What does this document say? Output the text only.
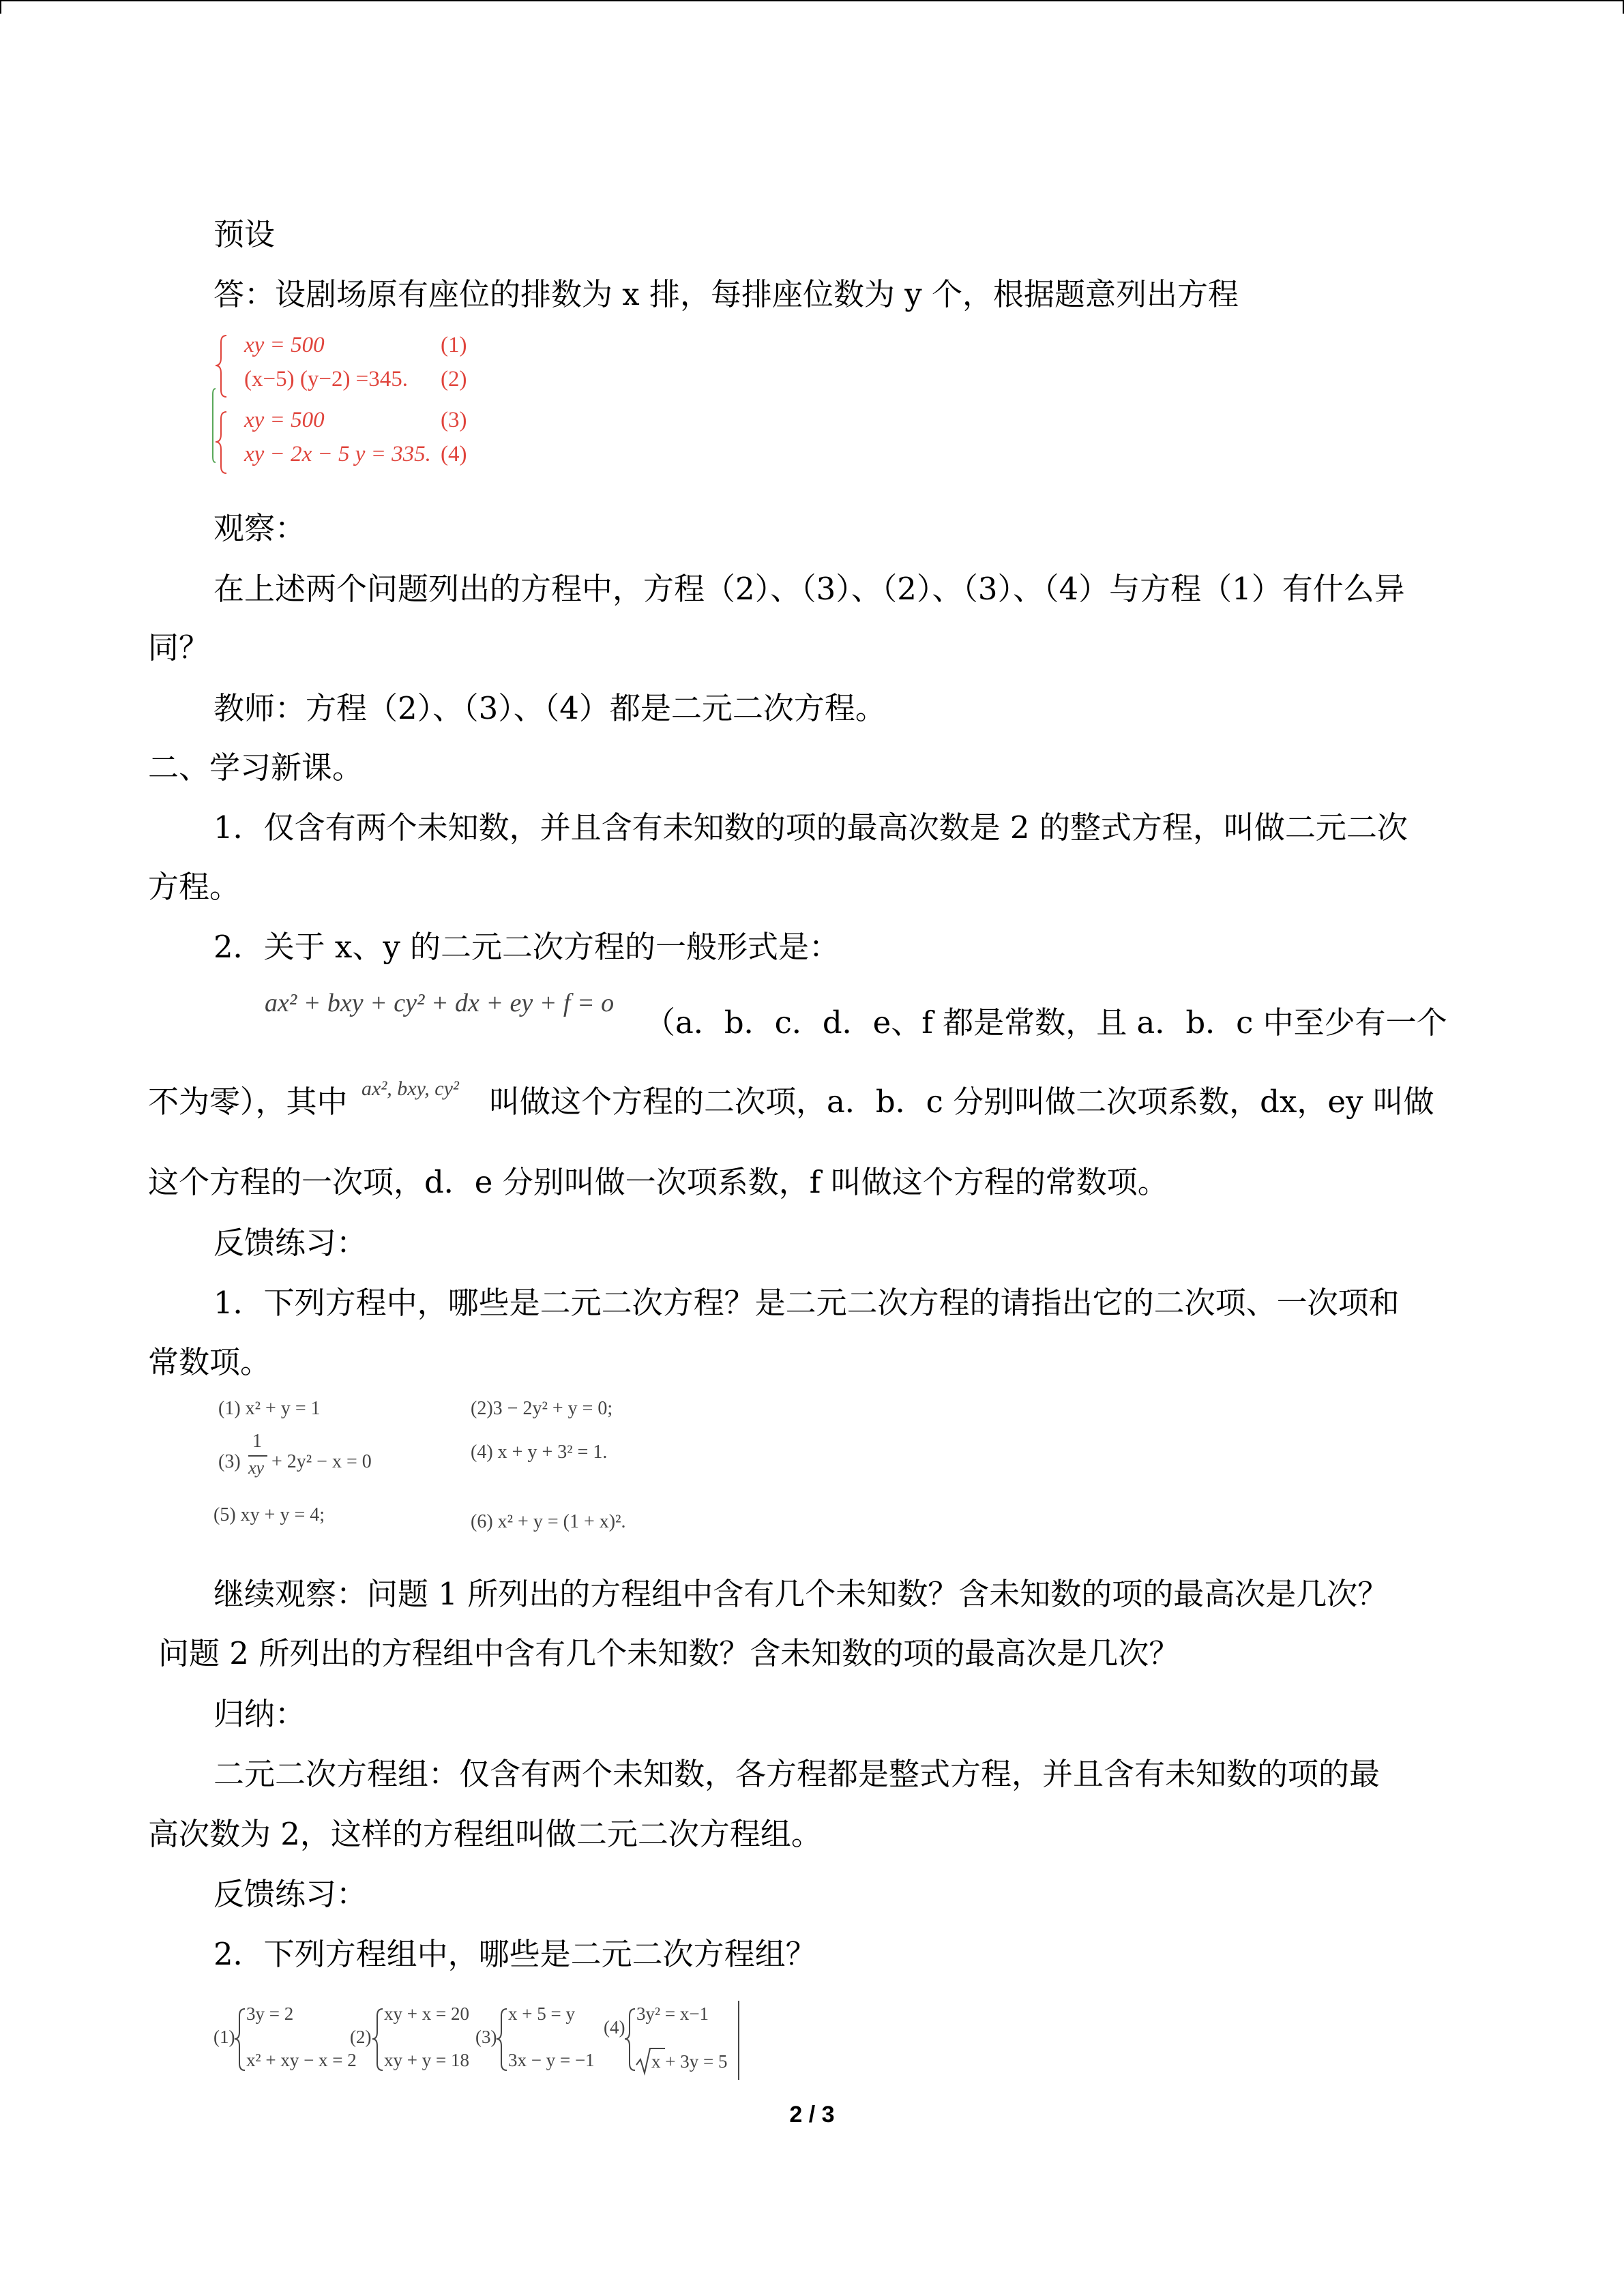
预设
答：设剧场原有座位的排数为 x 排，每排座位数为 y 个，根据题意列出方程
xy = 500	(1)
(x−5) (y−2) =345. (2)
xy = 500	(3)
xy − 2x − 5 y = 335. (4)
观察：
在上述两个问题列出的方程中，方程（2）、（3）、（2）、（3）、（4）与方程（1）有什么异
同？
教师：方程（2）、（3）、（4）都是二元二次方程。
二、学习新课。
1．仅含有两个未知数，并且含有未知数的项的最高次数是 2 的整式方程，叫做二元二次
方程。
2．关于 x、y 的二元二次方程的一般形式是：
ax² + bxy + cy² + dx + ey + f = o
（a．b．c．d．e、f 都是常数，且 a．b．c 中至少有一个
不为零），其中 ax², bxy, cy² 叫做这个方程的二次项，a．b．c 分别叫做二次项系数，dx，ey 叫做
这个方程的一次项，d．e 分别叫做一次项系数，f 叫做这个方程的常数项。
反馈练习：
1．下列方程中，哪些是二元二次方程？是二元二次方程的请指出它的二次项、一次项和
常数项。
(1) x² + y = 1	(2)3 − 2y² + y = 0;
(3)
1
xy + 2y² − x = 0	(4) x + y + 3² = 1.
(5) xy + y = 4;	(6) x² + y = (1 + x)².
继续观察：问题 1 所列出的方程组中含有几个未知数？含未知数的项的最高次是几次？
问题 2 所列出的方程组中含有几个未知数？含未知数的项的最高次是几次？
归纳：
二元二次方程组：仅含有两个未知数，各方程都是整式方程，并且含有未知数的项的最
高次数为 2，这样的方程组叫做二元二次方程组。
反馈练习：
2．下列方程组中，哪些是二元二次方程组？
(1)
3y = 2
x² + xy − x = 2
(2)
xy + x = 20
xy + y = 18
(3)
x + 5 = y
3x − y = −1
(4)
3y² = x−1
x + 3y = 5
2 / 3
